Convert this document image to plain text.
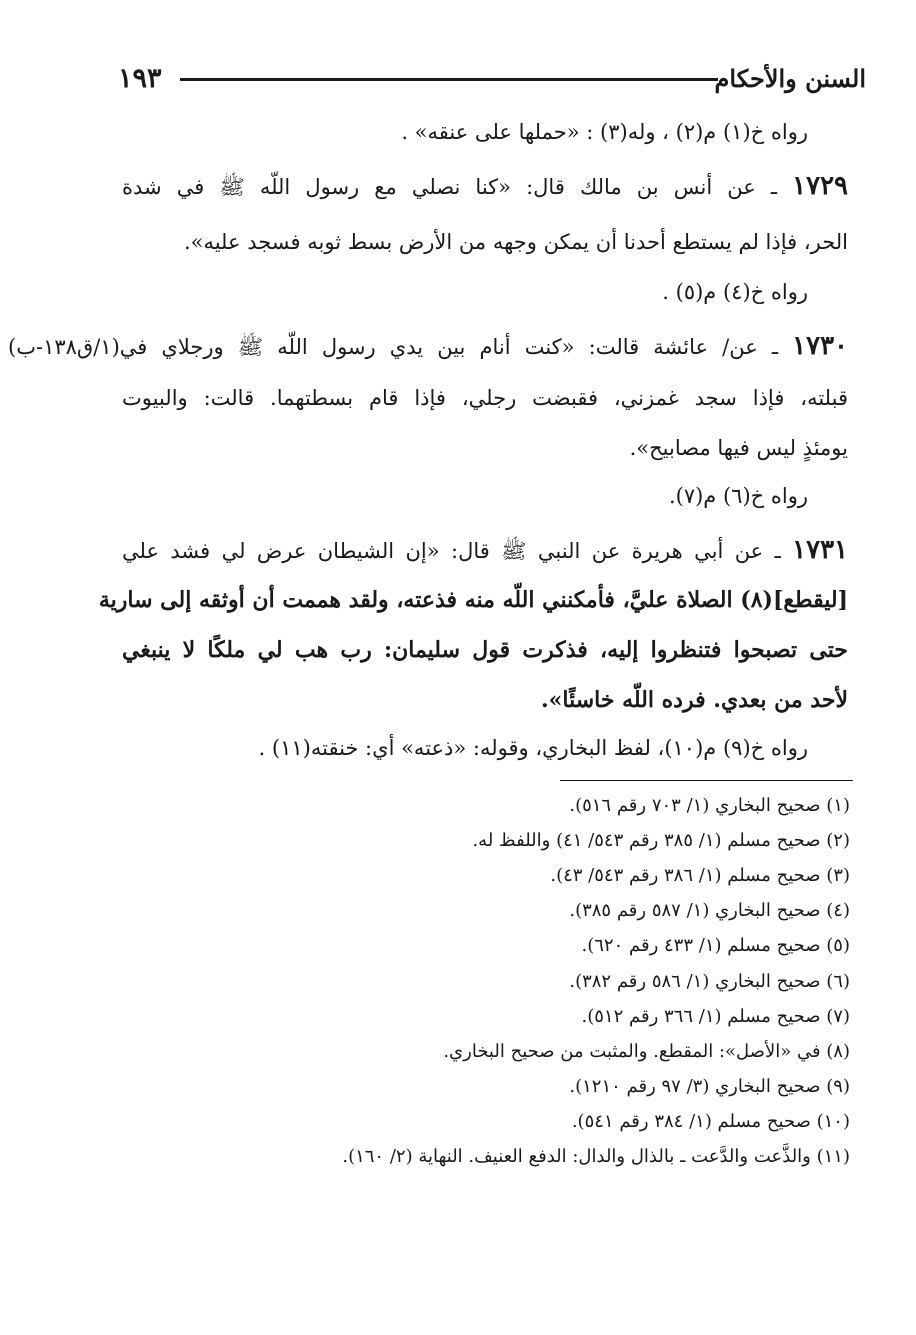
١٩٣	السنن والأحكام
رواه خ(١) م(٢) ، وله(٣) : «حملها على عنقه» .
١٧٢٩ ـ عن أنس بن مالك قال: «كنا نصلي مع رسول اللّه ﷺ في شدة
الحر، فإذا لم يستطع أحدنا أن يمكن وجهه من الأرض بسط ثوبه فسجد عليه».
رواه خ(٤) م(٥) .
١٧٣٠ ـ عن/ عائشة قالت: «كنت أنام بين يدي رسول اللّه ﷺ ورجلاي في(١/ق١٣٨-ب)
قبلته، فإذا سجد غمزني، فقبضت رجلي، فإذا قام بسطتهما. قالت: والبيوت
يومئذٍ ليس فيها مصابيح».
رواه خ(٦) م(٧).
١٧٣١ ـ عن أبي هريرة عن النبي ﷺ قال: «إن الشيطان عرض لي فشد علي
[ليقطع](٨) الصلاة عليَّ، فأمكنني اللّه منه فذعته، ولقد هممت أن أوثقه إلى سارية
حتى تصبحوا فتنظروا إليه، فذكرت قول سليمان: رب هب لي ملكًا لا ينبغي
لأحد من بعدي. فرده اللّه خاسئًا».
رواه خ(٩) م(١٠)، لفظ البخاري، وقوله: «ذعته» أي: خنقته(١١) .
(١) صحيح البخاري (١/ ٧٠٣ رقم ٥١٦).
(٢) صحيح مسلم (١/ ٣٨٥ رقم ٥٤٣/ ٤١) واللفظ له.
(٣) صحيح مسلم (١/ ٣٨٦ رقم ٥٤٣/ ٤٣).
(٤) صحيح البخاري (١/ ٥٨٧ رقم ٣٨٥).
(٥) صحيح مسلم (١/ ٤٣٣ رقم ٦٢٠).
(٦) صحيح البخاري (١/ ٥٨٦ رقم ٣٨٢).
(٧) صحيح مسلم (١/ ٣٦٦ رقم ٥١٢).
(٨) في «الأصل»: المقطع. والمثبت من صحيح البخاري.
(٩) صحيح البخاري (٣/ ٩٧ رقم ١٢١٠).
(١٠) صحيح مسلم (١/ ٣٨٤ رقم ٥٤١).
(١١) والذَّعت والدَّعت ـ بالذال والدال: الدفع العنيف. النهاية (٢/ ١٦٠).
